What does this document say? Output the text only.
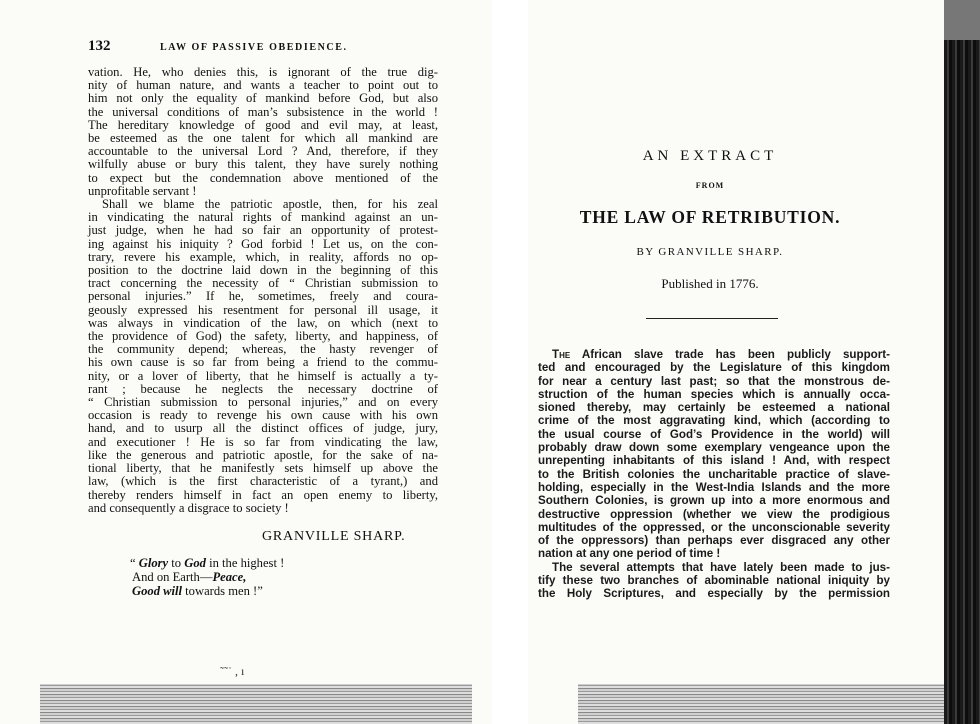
132	LAW OF PASSIVE OBEDIENCE.
vation. He, who denies this, is ignorant of the true dig-
nity of human nature, and wants a teacher to point out to
him not only the equality of mankind before God, but also
the universal conditions of man’s subsistence in the world !
The hereditary knowledge of good and evil may, at least,
be esteemed as the one talent for which all mankind are
accountable to the universal Lord ? And, therefore, if they
wilfully abuse or bury this talent, they have surely nothing
to expect but the condemnation above mentioned of the
unprofitable servant !
Shall we blame the patriotic apostle, then, for his zeal
in vindicating the natural rights of mankind against an un-
just judge, when he had so fair an opportunity of protest-
ing against his iniquity ? God forbid ! Let us, on the con-
trary, revere his example, which, in reality, affords no op-
position to the doctrine laid down in the beginning of this
tract concerning the necessity of “ Christian submission to
personal injuries.” If he, sometimes, freely and coura-
geously expressed his resentment for personal ill usage, it
was always in vindication of the law, on which (next to
the providence of God) the safety, liberty, and happiness, of
the community depend; whereas, the hasty revenger of
his own cause is so far from being a friend to the commu-
nity, or a lover of liberty, that he himself is actually a ty-
rant ; because he neglects the necessary doctrine of
“ Christian submission to personal injuries,” and on every
occasion is ready to revenge his own cause with his own
hand, and to usurp all the distinct offices of judge, jury,
and executioner ! He is so far from vindicating the law,
like the generous and patriotic apostle, for the sake of na-
tional liberty, that he manifestly sets himself up above the
law, (which is the first characteristic of a tyrant,) and
thereby renders himself in fact an open enemy to liberty,
and consequently a disgrace to society !
GRANVILLE SHARP.
“ Glory to God in the highest !
And on Earth—Peace,
Good will towards men !”
˜˜˙ , ı
AN EXTRACT
FROM
THE LAW OF RETRIBUTION.
BY GRANVILLE SHARP.
Published in 1776.
The African slave trade has been publicly support-
ted and encouraged by the Legislature of this kingdom
for near a century last past; so that the monstrous de-
struction of the human species which is annually occa-
sioned thereby, may certainly be esteemed a national
crime of the most aggravating kind, which (according to
the usual course of God’s Providence in the world) will
probably draw down some exemplary vengeance upon the
unrepenting inhabitants of this island ! And, with respect
to the British colonies the uncharitable practice of slave-
holding, especially in the West-India Islands and the more
Southern Colonies, is grown up into a more enormous and
destructive oppression (whether we view the prodigious
multitudes of the oppressed, or the unconscionable severity
of the oppressors) than perhaps ever disgraced any other
nation at any one period of time !
The several attempts that have lately been made to jus-
tify these two branches of abominable national iniquity by
the Holy Scriptures, and especially by the permission
